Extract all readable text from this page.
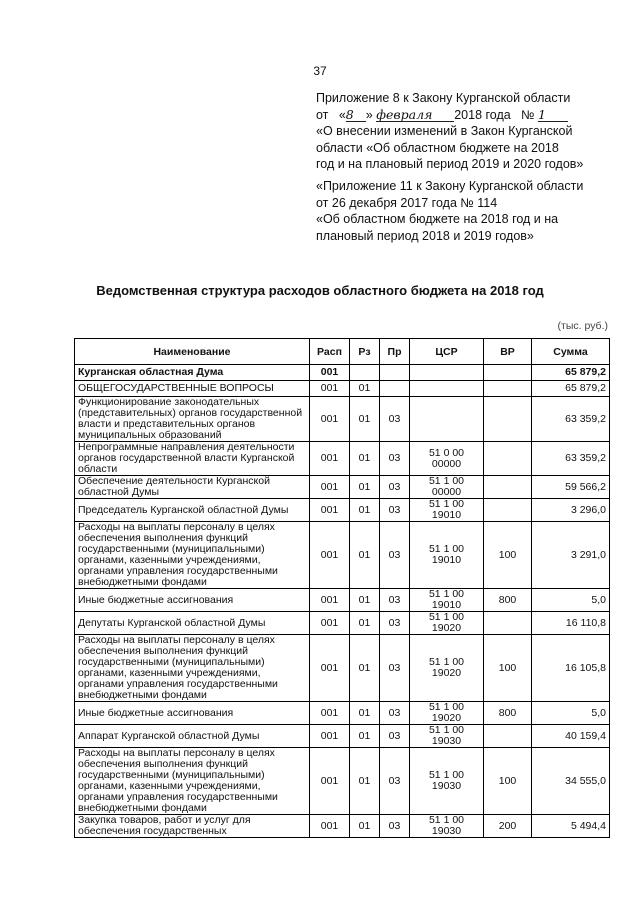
37

Приложение 8 к Закону Курганской области

от «8 » февраля 2018 года № 1

«О внесении изменений в Закон Курганской

области «Об областном бюджете на 2018

год и на плановый период 2019 и 2020 годов»

«Приложение 11 к Закону Курганской области

от 26 декабря 2017 года № 114

«Об областном бюджете на 2018 год и на

плановый период 2018 и 2019 годов»

Ведомственная структура расходов областного бюджета на 2018 год
(тыс. руб.)
Наименование	Расп	Рз	Пр	ЦСР	ВР	Сумма
Курганская областная Дума	001					65 879,2
ОБЩЕГОСУДАРСТВЕННЫЕ ВОПРОСЫ	001	01				65 879,2
Функционирование законодательных (представительных) органов государственной власти и представительных органов муниципальных образований	001	01	03			63 359,2
Непрограммные направления деятельности органов государственной власти Курганской области	001	01	03	51 0 00 00000		63 359,2
Обеспечение деятельности Курганской областной Думы	001	01	03	51 1 00 00000		59 566,2
Председатель Курганской областной Думы	001	01	03	51 1 00 19010		3 296,0
Расходы на выплаты персоналу в целях обеспечения выполнения функций государственными (муниципальными) органами, казенными учреждениями, органами управления государственными внебюджетными фондами	001	01	03	51 1 00 19010	100	3 291,0
Иные бюджетные ассигнования	001	01	03	51 1 00 19010	800	5,0
Депутаты Курганской областной Думы	001	01	03	51 1 00 19020		16 110,8
Расходы на выплаты персоналу в целях обеспечения выполнения функций государственными (муниципальными) органами, казенными учреждениями, органами управления государственными внебюджетными фондами	001	01	03	51 1 00 19020	100	16 105,8
Иные бюджетные ассигнования	001	01	03	51 1 00 19020	800	5,0
Аппарат Курганской областной Думы	001	01	03	51 1 00 19030		40 159,4
Расходы на выплаты персоналу в целях обеспечения выполнения функций государственными (муниципальными) органами, казенными учреждениями, органами управления государственными внебюджетными фондами	001	01	03	51 1 00 19030	100	34 555,0
Закупка товаров, работ и услуг для обеспечения государственных	001	01	03	51 1 00 19030	200	5 494,4
